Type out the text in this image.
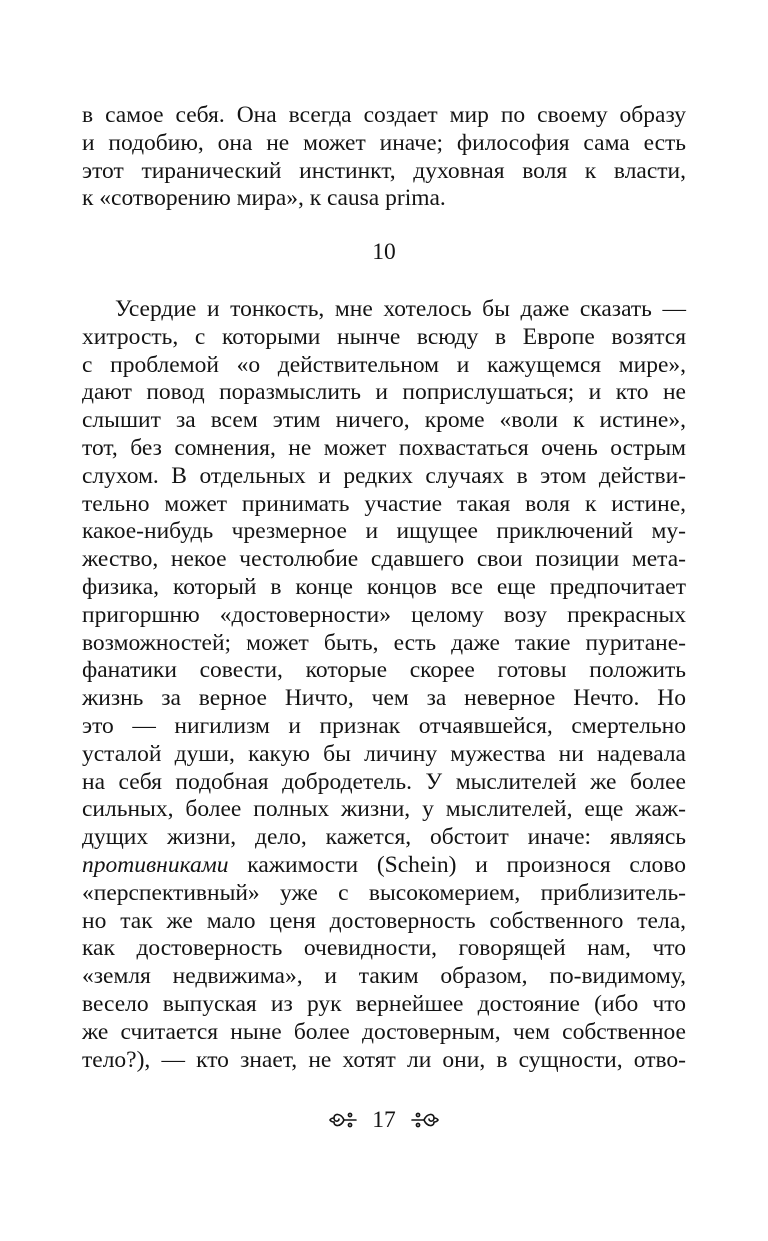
в самое себя. Она всегда создает мир по своему образу
и подобию, она не может иначе; философия сама есть
этот тиранический инстинкт, духовная воля к власти,
к «сотворению мира», к causa prima.
10
Усердие и тонкость, мне хотелось бы даже сказать —
хитрость, с которыми нынче всюду в Европе возятся
с проблемой «о действительном и кажущемся мире»,
дают повод поразмыслить и поприслушаться; и кто не
слышит за всем этим ничего, кроме «воли к истине»,
тот, без сомнения, не может похвастаться очень острым
слухом. В отдельных и редких случаях в этом действи-
тельно может принимать участие такая воля к истине,
какое-нибудь чрезмерное и ищущее приключений му-
жество, некое честолюбие сдавшего свои позиции мета-
физика, который в конце концов все еще предпочитает
пригоршню «достоверности» целому возу прекрасных
возможностей; может быть, есть даже такие пуритане-
фанатики совести, которые скорее готовы положить
жизнь за верное Ничто, чем за неверное Нечто. Но
это — нигилизм и признак отчаявшейся, смертельно
усталой души, какую бы личину мужества ни надевала
на себя подобная добродетель. У мыслителей же более
сильных, более полных жизни, у мыслителей, еще жаж-
дущих жизни, дело, кажется, обстоит иначе: являясь
противниками кажимости (Schein) и произнося слово
«перспективный» уже с высокомерием, приблизитель-
но так же мало ценя достоверность собственного тела,
как достоверность очевидности, говорящей нам, что
«земля недвижима», и таким образом, по-видимому,
весело выпуская из рук вернейшее достояние (ибо что
же считается ныне более достоверным, чем собственное
тело?), — кто знает, не хотят ли они, в сущности, отво-
17
